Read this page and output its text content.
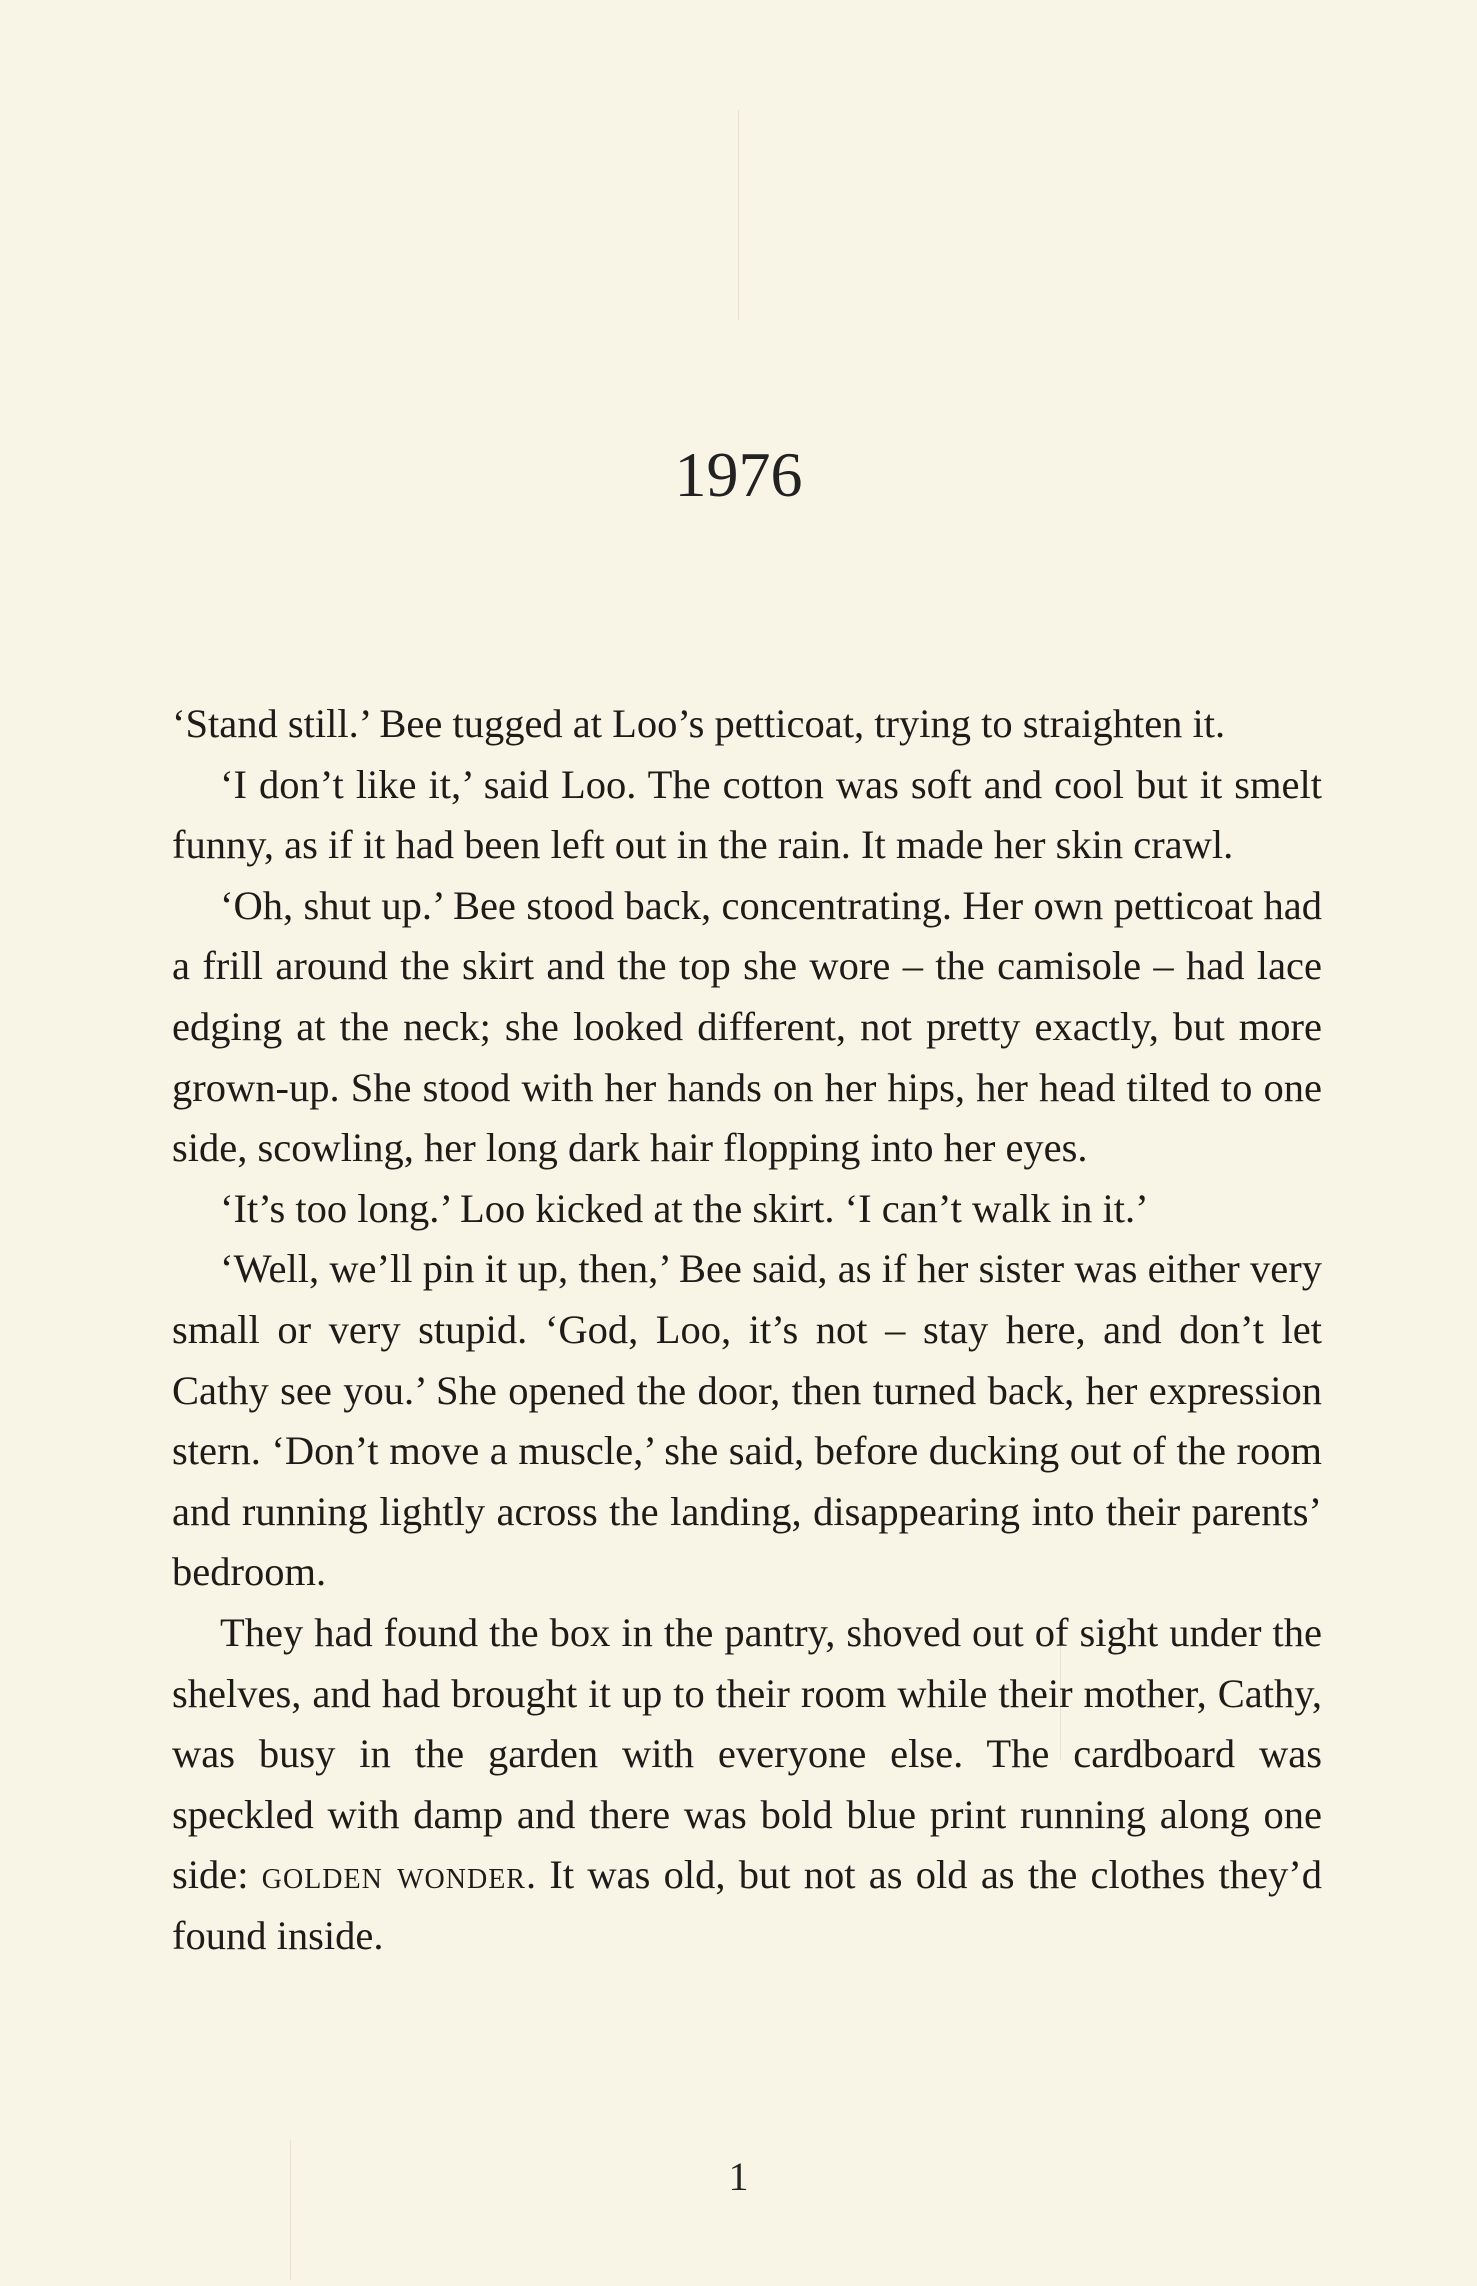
1976

‘Stand still.’ Bee tugged at Loo’s petticoat, trying to straighten it.

‘I don’t like it,’ said Loo. The cotton was soft and cool but it smelt funny, as if it had been left out in the rain. It made her skin crawl.

‘Oh, shut up.’ Bee stood back, concentrating. Her own petticoat had a frill around the skirt and the top she wore – the camisole – had lace edging at the neck; she looked different, not pretty exactly, but more grown-up. She stood with her hands on her hips, her head tilted to one side, scowling, her long dark hair flopping into her eyes.

‘It’s too long.’ Loo kicked at the skirt. ‘I can’t walk in it.’

‘Well, we’ll pin it up, then,’ Bee said, as if her sister was either very small or very stupid. ‘God, Loo, it’s not – stay here, and don’t let Cathy see you.’ She opened the door, then turned back, her expression stern. ‘Don’t move a muscle,’ she said, before ducking out of the room and running lightly across the landing, disappearing into their parents’ bedroom.

They had found the box in the pantry, shoved out of sight under the shelves, and had brought it up to their room while their mother, Cathy, was busy in the garden with everyone else. The cardboard was speckled with damp and there was bold blue print running along one side: golden wonder. It was old, but not as old as the clothes they’d found inside.

1
